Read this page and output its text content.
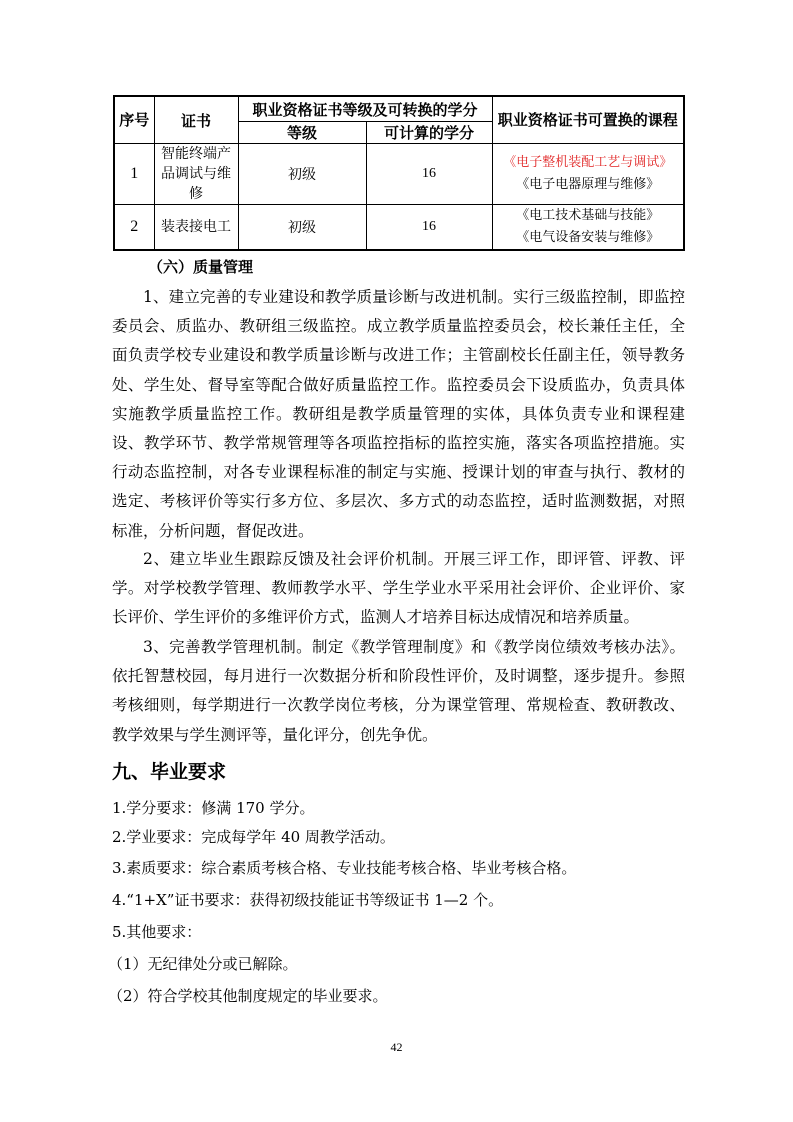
序号	证书	职业资格证书等级及可转换的学分		职业资格证书可置换的课程
		等级	可计算的学分	
1	智能终端产品调试与维修	初级	16	《电子整机装配工艺与调试》
《电子电器原理与维修》

2	装表接电工	初级	16	《电工技术基础与技能》
《电气设备安装与维修》
（六）质量管理
1、建立完善的专业建设和教学质量诊断与改进机制。实行三级监控制，即监控委员会、质监办、教研组三级监控。成立教学质量监控委员会，校长兼任主任，全面负责学校专业建设和教学质量诊断与改进工作；主管副校长任副主任，领导教务处、学生处、督导室等配合做好质量监控工作。监控委员会下设质监办，负责具体实施教学质量监控工作。教研组是教学质量管理的实体，具体负责专业和课程建设、教学环节、教学常规管理等各项监控指标的监控实施，落实各项监控措施。实行动态监控制，对各专业课程标准的制定与实施、授课计划的审查与执行、教材的选定、考核评价等实行多方位、多层次、多方式的动态监控，适时监测数据，对照标准，分析问题，督促改进。
2、建立毕业生跟踪反馈及社会评价机制。开展三评工作，即评管、评教、评学。对学校教学管理、教师教学水平、学生学业水平采用社会评价、企业评价、家长评价、学生评价的多维评价方式，监测人才培养目标达成情况和培养质量。
3、完善教学管理机制。制定《教学管理制度》和《教学岗位绩效考核办法》。依托智慧校园，每月进行一次数据分析和阶段性评价，及时调整，逐步提升。参照考核细则，每学期进行一次教学岗位考核，分为课堂管理、常规检查、教研教改、教学效果与学生测评等，量化评分，创先争优。
九、毕业要求
1.学分要求：修满 170 学分。
2.学业要求：完成每学年 40 周教学活动。
3.素质要求：综合素质考核合格、专业技能考核合格、毕业考核合格。
4.“1+X”证书要求：获得初级技能证书等级证书 1—2 个。
5.其他要求：
（1）无纪律处分或已解除。
（2）符合学校其他制度规定的毕业要求。
42
